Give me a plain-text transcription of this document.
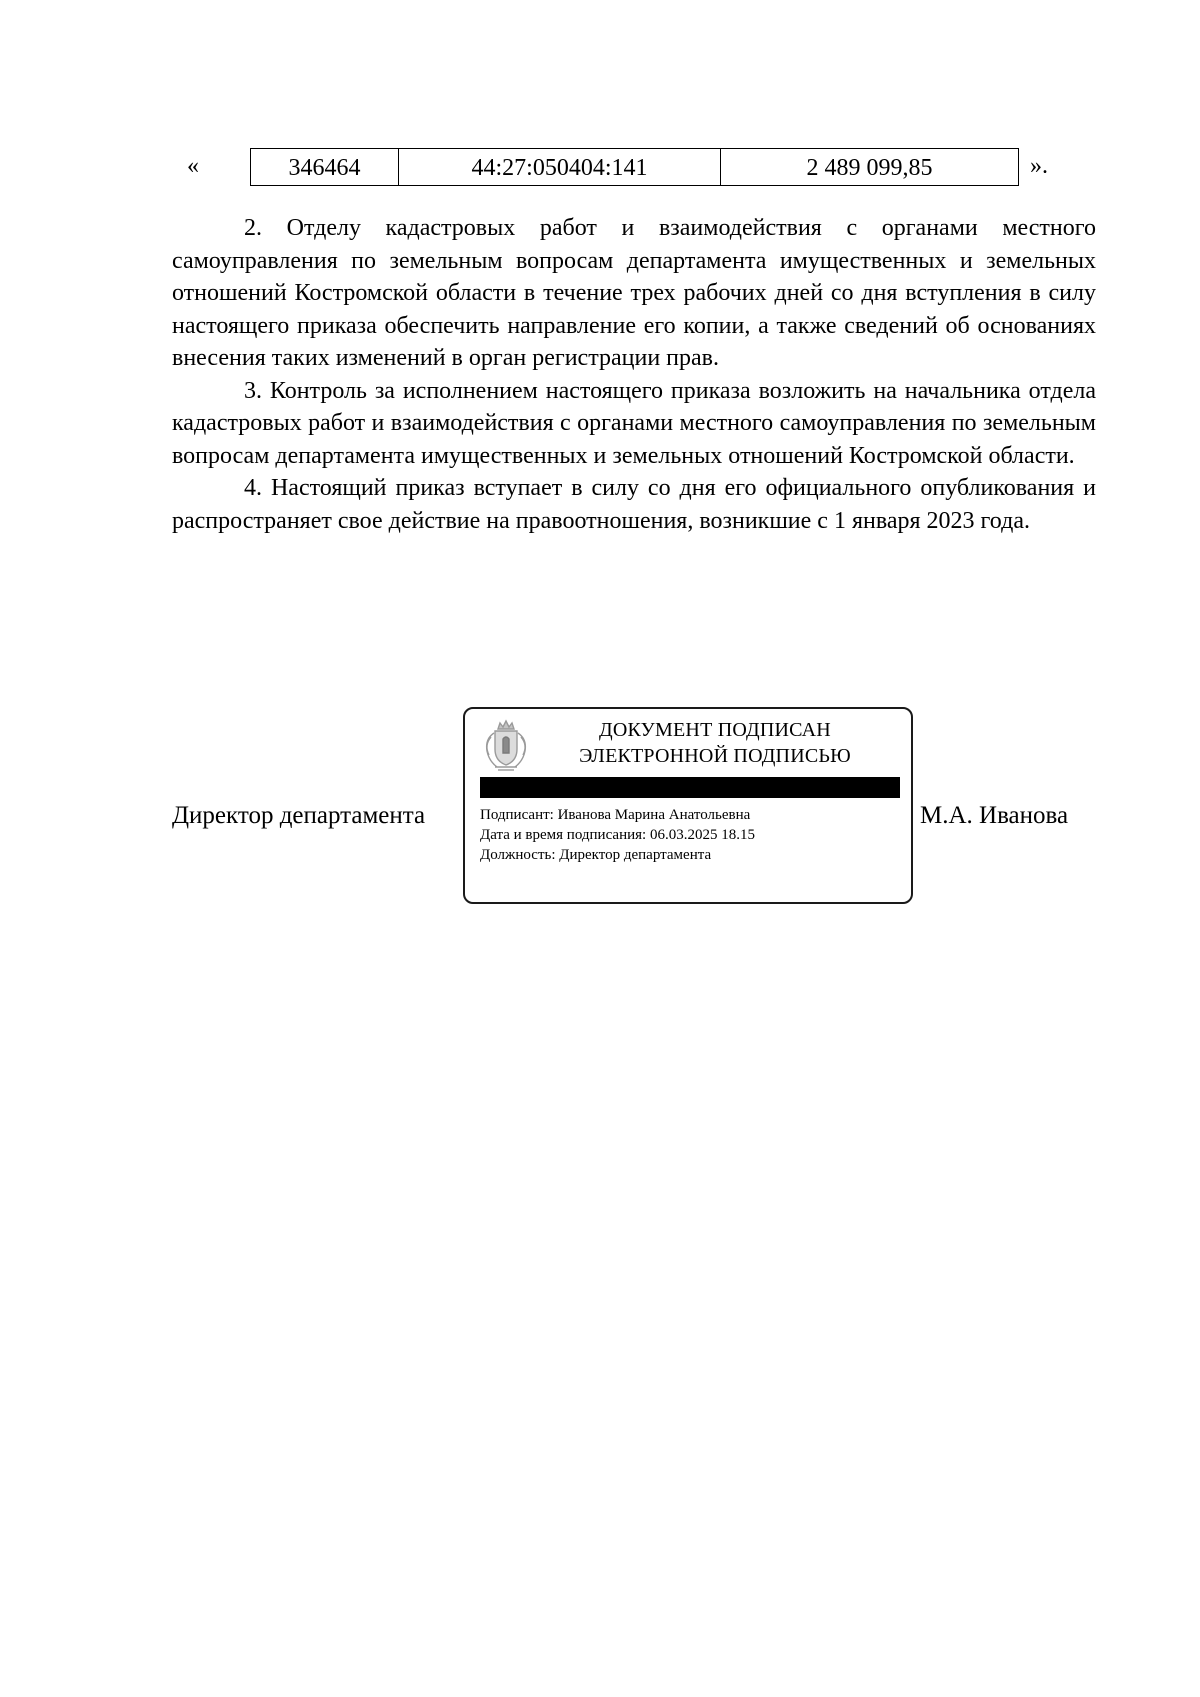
«	346464	44:27:050404:141	2 489 099,85	».

2. Отделу кадастровых работ и взаимодействия с органами местного самоуправления по земельным вопросам департамента имущественных и земельных отношений Костромской области в течение трех рабочих дней со дня вступления в силу настоящего приказа обеспечить направление его копии, а также сведений об основаниях внесения таких изменений в орган регистрации прав.

3. Контроль за исполнением настоящего приказа возложить на начальника отдела кадастровых работ и взаимодействия с органами местного самоуправления по земельным вопросам департамента имущественных и земельных отношений Костромской области.

4. Настоящий приказ вступает в силу со дня его официального опубликования и распространяет свое действие на правоотношения, возникшие с 1 января 2023 года.

Директор департамента	М.А. Иванова
ДОКУМЕНТ ПОДПИСАН
ЭЛЕКТРОННОЙ ПОДПИСЬЮ
Подписант: Иванова Марина Анатольевна
Дата и время подписания: 06.03.2025 18.15
Должность: Директор департамента
